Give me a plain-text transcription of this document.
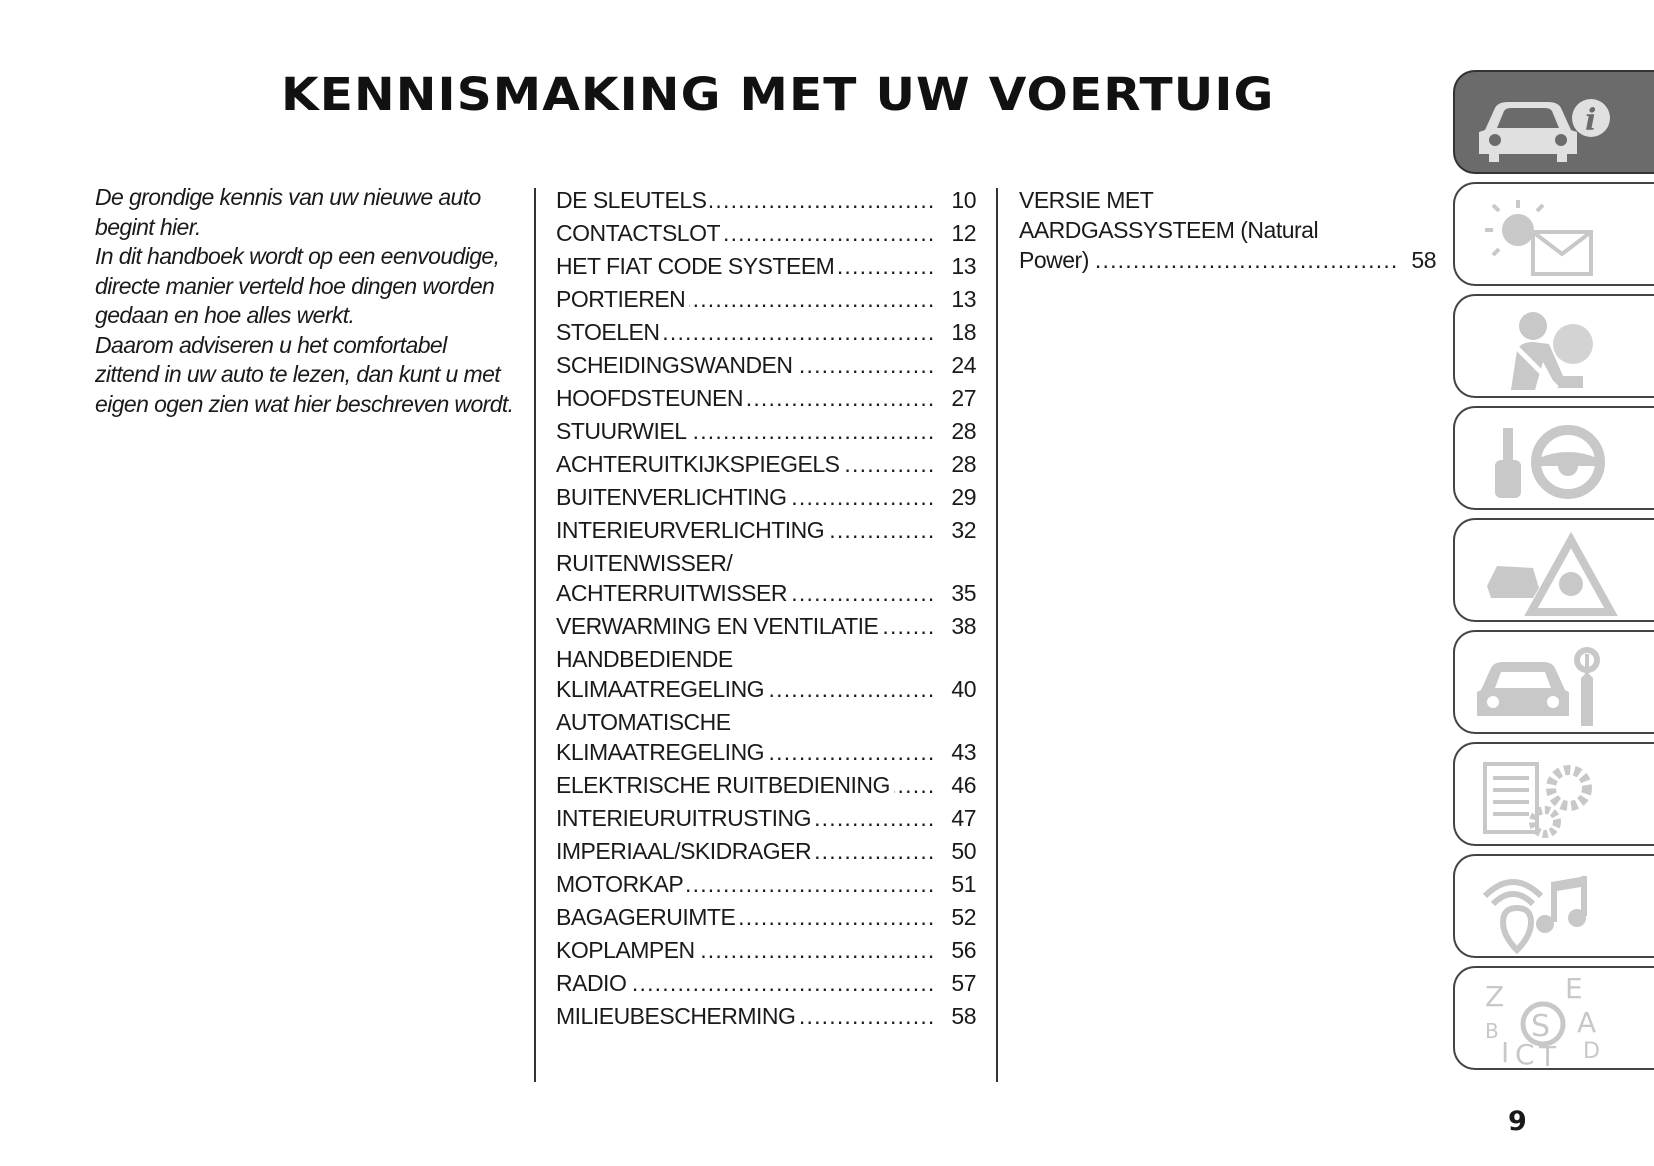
KENNISMAKING MET UW VOERTUIG

De grondige kennis van uw nieuwe auto begint hier.

In dit handboek wordt op een eenvoudige, directe manier verteld hoe dingen worden gedaan en hoe alles werkt.

Daarom adviseren u het comfortabel zittend in uw auto te lezen, dan kunt u met eigen ogen zien wat hier beschreven wordt.

DE SLEUTELS .....	10
CONTACTSLOT .....	12
HET FIAT CODE SYSTEEM .....	13
PORTIEREN .....	13
STOELEN .....	18
SCHEIDINGSWANDEN .....	24
HOOFDSTEUNEN .....	27
STUURWIEL .....	28
ACHTERUITKIJKSPIEGELS .....	28
BUITENVERLICHTING .....	29
INTERIEURVERLICHTING .....	32
RUITENWISSER/
ACHTERRUITWISSER .....	35
VERWARMING EN VENTILATIE .....	38
HANDBEDIENDE
KLIMAATREGELING .....	40
AUTOMATISCHE
KLIMAATREGELING .....	43
ELEKTRISCHE RUITBEDIENING .....	46
INTERIEURUITRUSTING .....	47
IMPERIAAL/SKIDRAGER .....	50
MOTORKAP .....	51
BAGAGERUIMTE .....	52
KOPLAMPEN .....	56
RADIO .....	57
MILIEUBESCHERMING .....	58
VERSIE MET
AARDGASSYSTEEM (Natural
Power) .....	58
i
Z E
B	A
I C T D
S
9
